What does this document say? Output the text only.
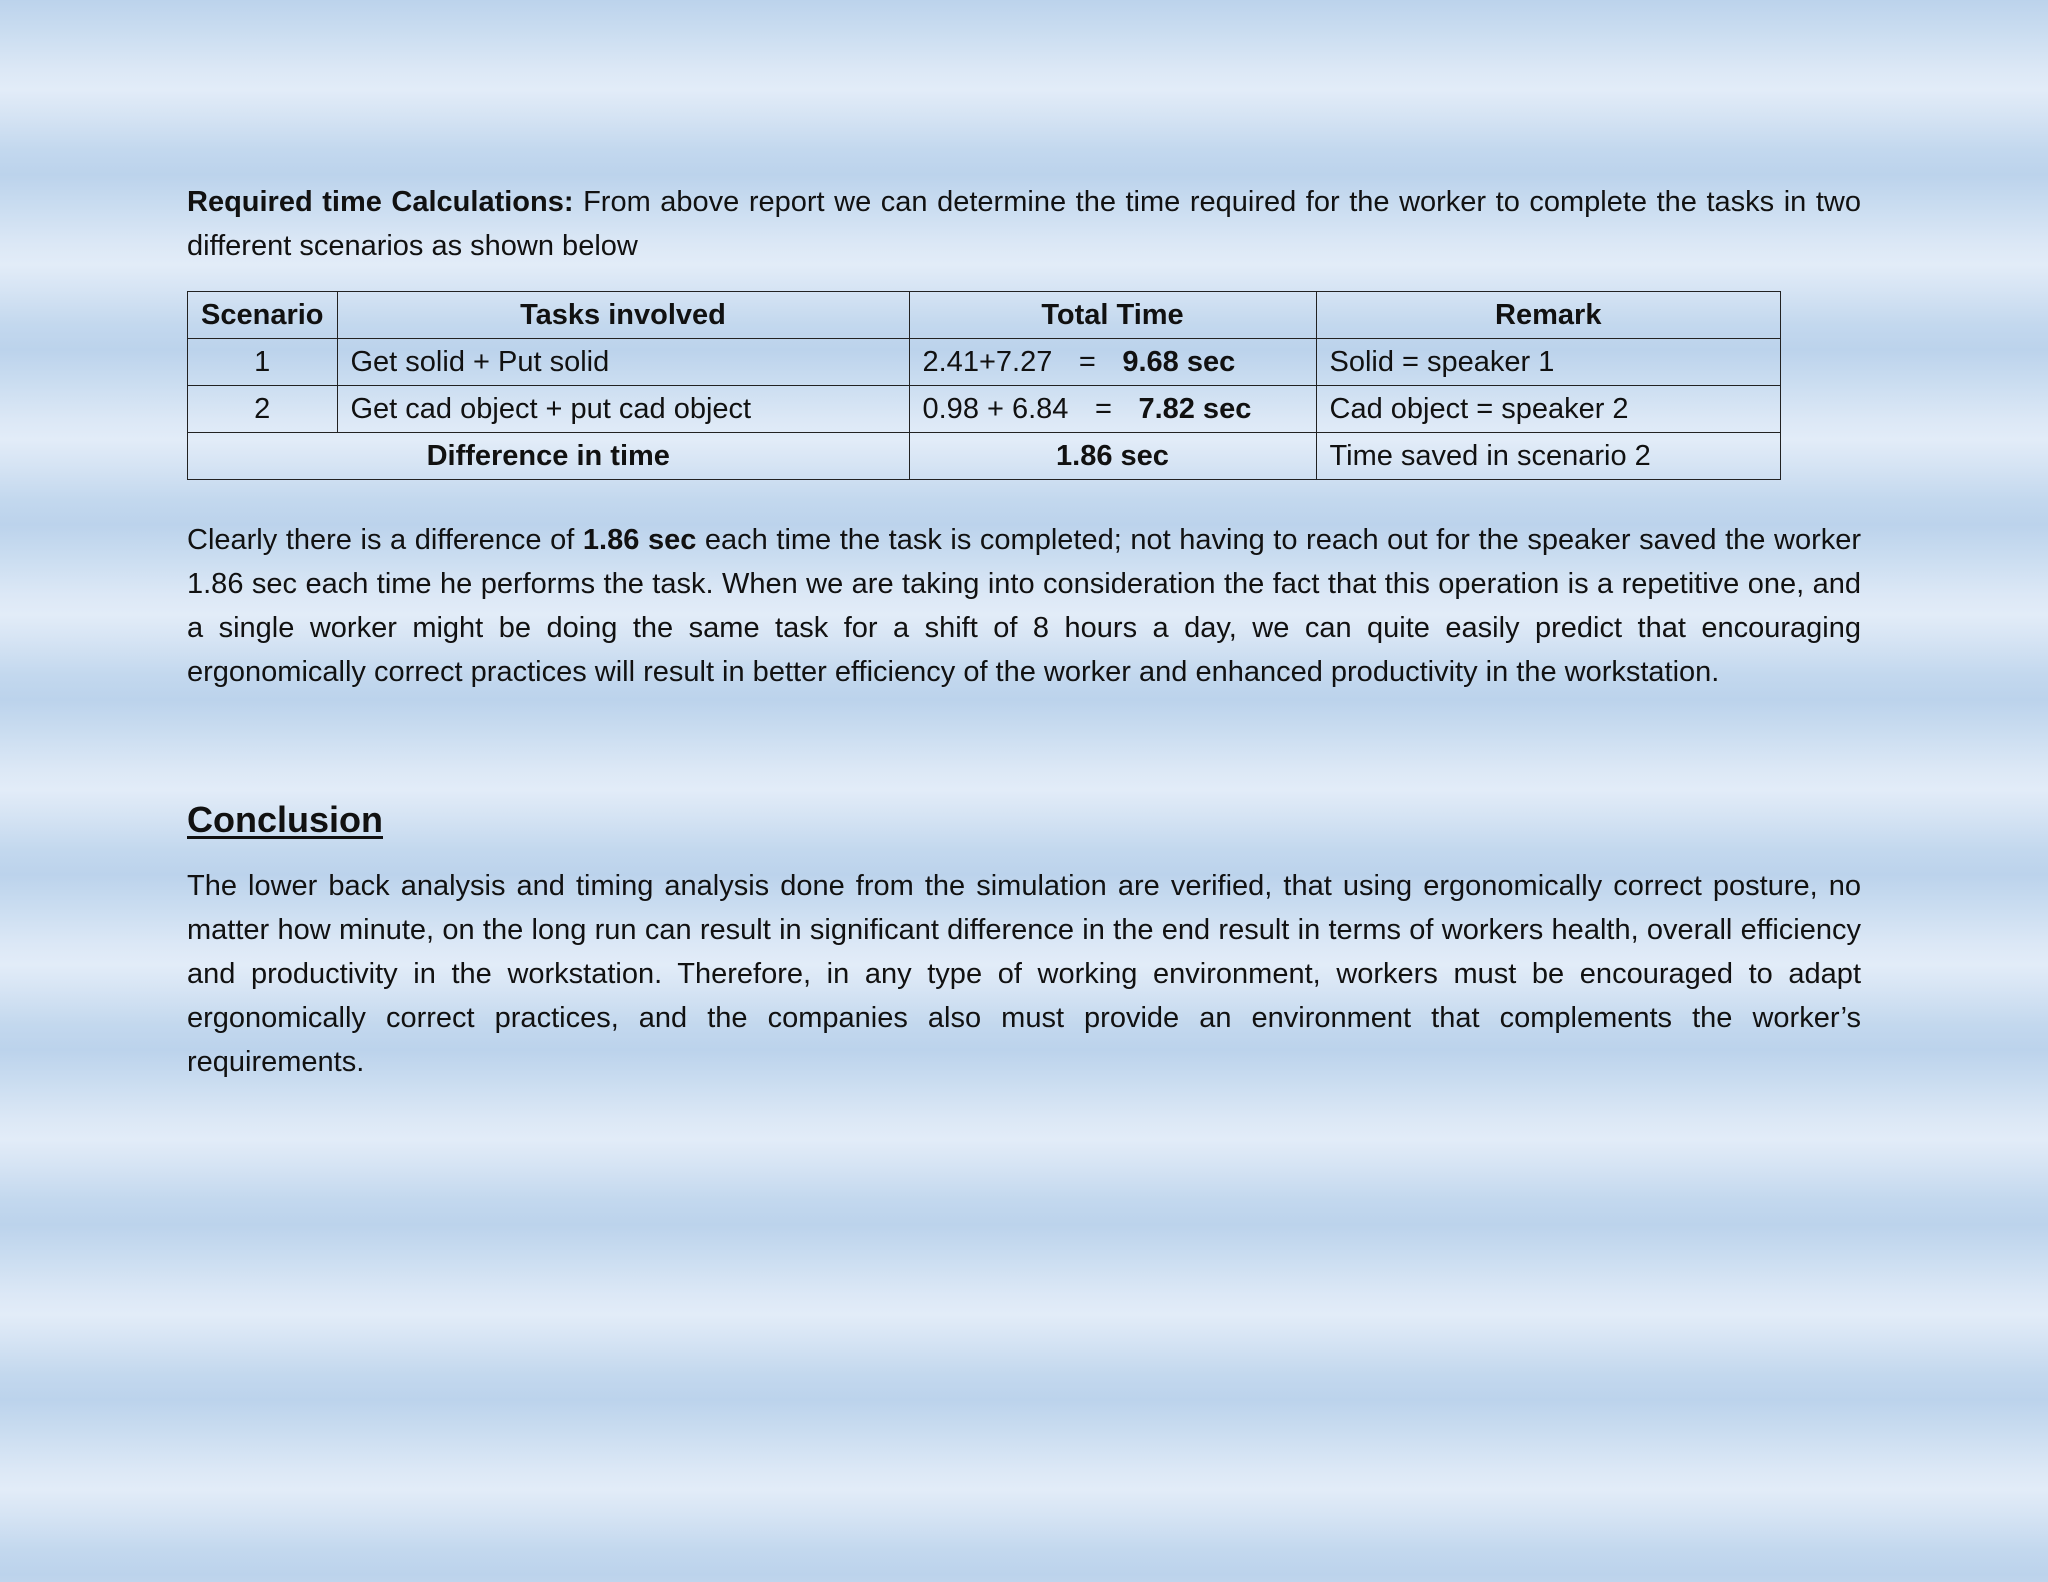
Required time Calculations: From above report we can determine the time required for the worker to complete the tasks in two different scenarios as shown below

Scenario	Tasks involved	Total Time	Remark
1	Get solid + Put solid	2.41+7.27 = 9.68 sec	Solid = speaker 1
2	Get cad object + put cad object	0.98 + 6.84 = 7.82 sec	Cad object = speaker 2
Difference in time		1.86 sec	Time saved in scenario 2

Clearly there is a difference of 1.86 sec each time the task is completed; not having to reach out for the speaker saved the worker 1.86 sec each time he performs the task. When we are taking into consideration the fact that this operation is a repetitive one, and a single worker might be doing the same task for a shift of 8 hours a day, we can quite easily predict that encouraging ergonomically correct practices will result in better efficiency of the worker and enhanced productivity in the workstation.

Conclusion

The lower back analysis and timing analysis done from the simulation are verified, that using ergonomically correct posture, no matter how minute, on the long run can result in significant difference in the end result in terms of workers health, overall efficiency and productivity in the workstation. Therefore, in any type of working environment, workers must be encouraged to adapt ergonomically correct practices, and the companies also must provide an environment that complements the worker’s requirements.
